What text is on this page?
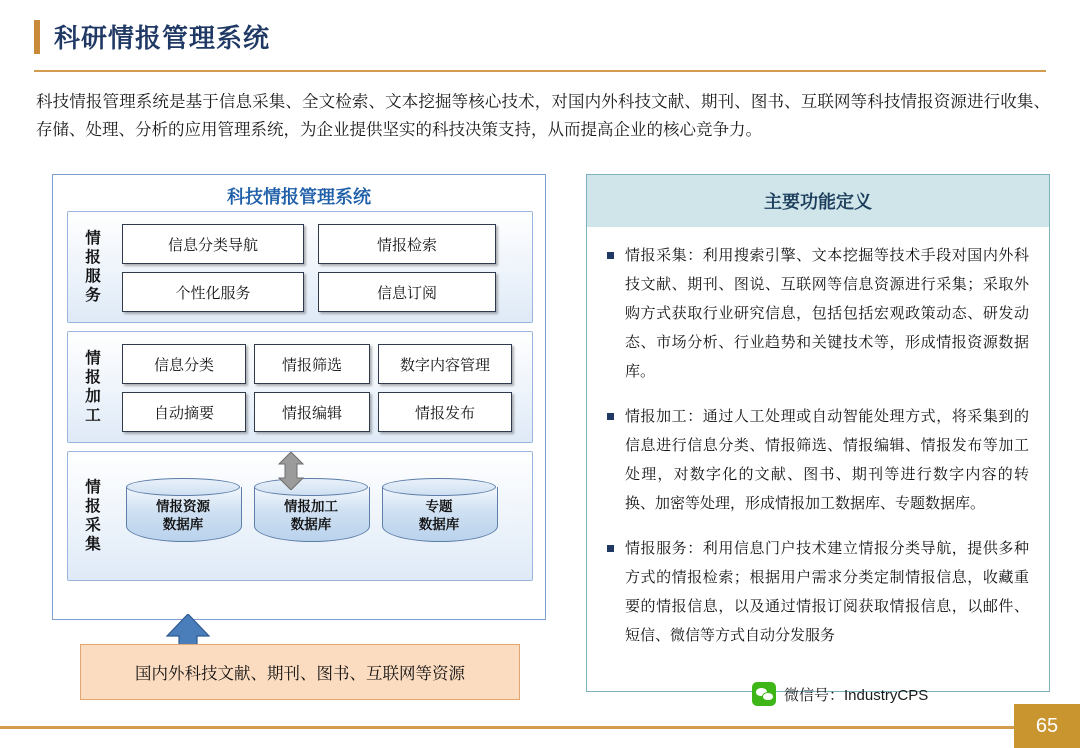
科研情报管理系统
科技情报管理系统是基于信息采集、全文检索、文本挖掘等核心技术，对国内外科技文献、期刊、图书、互联网等科技情报资源进行收集、存储、处理、分析的应用管理系统，为企业提供坚实的科技决策支持，从而提高企业的核心竞争力。
科技情报管理系统
情报服务
信息分类导航	情报检索
个性化服务	信息订阅
情报加工
信息分类	情报筛选	数字内容管理
自动摘要	情报编辑	情报发布
情报采集
情报资源
数据库
情报加工
数据库
专题
数据库
国内外科技文献、期刊、图书、互联网等资源
主要功能定义
情报采集：利用搜索引擎、文本挖掘等技术手段对国内外科技文献、期刊、图说、互联网等信息资源进行采集；采取外购方式获取行业研究信息，包括包括宏观政策动态、研发动态、市场分析、行业趋势和关键技术等，形成情报资源数据库。
情报加工：通过人工处理或自动智能处理方式，将采集到的信息进行信息分类、情报筛选、情报编辑、情报发布等加工处理，对数字化的文献、图书、期刊等进行数字内容的转换、加密等处理，形成情报加工数据库、专题数据库。
情报服务：利用信息门户技术建立情报分类导航，提供多种方式的情报检索；根据用户需求分类定制情报信息，收藏重要的情报信息，以及通过情报订阅获取情报信息，以邮件、短信、微信等方式自动分发服务
微信号：IndustryCPS
65
